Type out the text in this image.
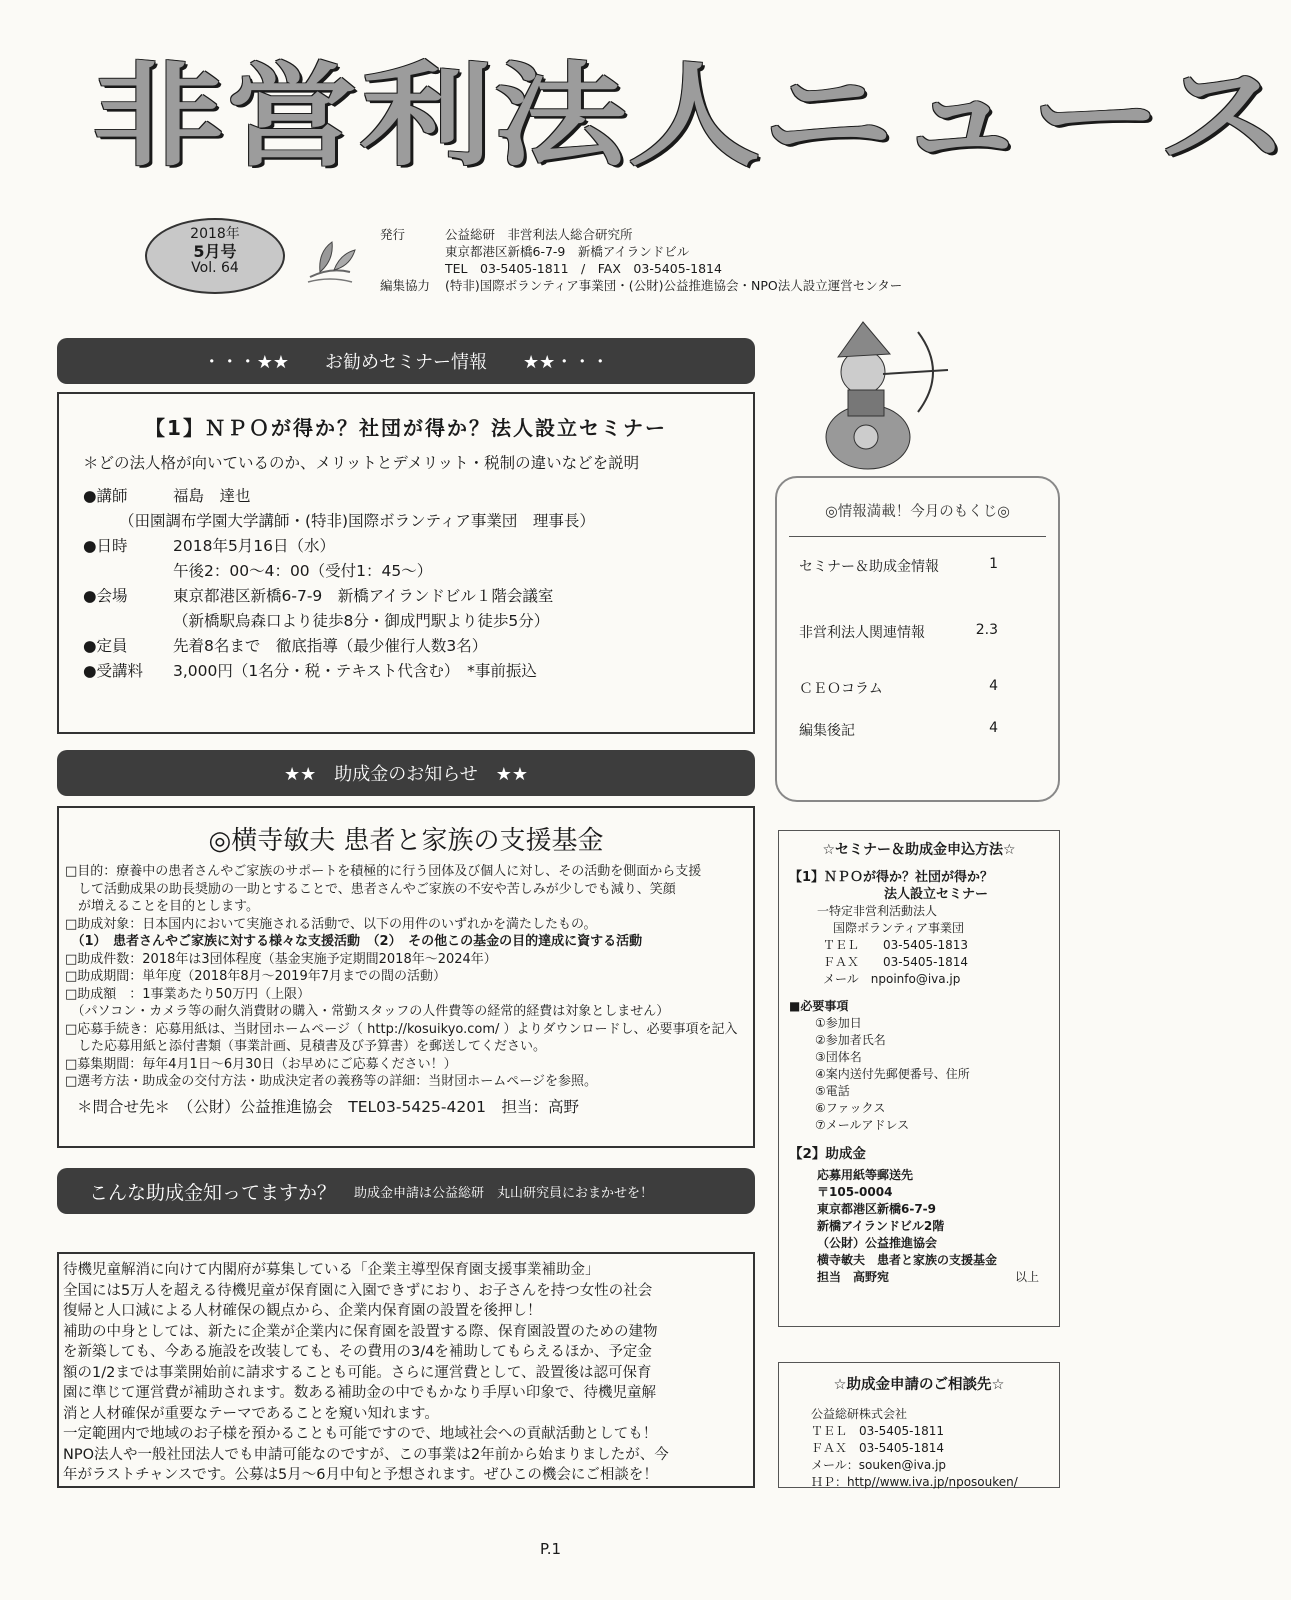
非営利法人ニュース
2018年
5月号
Vol. 64
発行	公益総研　非営利法人総合研究所
東京都港区新橋6-7-9　新橋アイランドビル
TEL　03-5405-1811　/　FAX　03-5405-1814
編集協力	(特非)国際ボランティア事業団・(公財)公益推進協会・NPO法人設立運営センター
・・・★★　　お勧めセミナー情報　　★★・・・
【1】ＮＰＯが得か？社団が得か？法人設立セミナー
＊どの法人格が向いているのか、メリットとデメリット・税制の違いなどを説明
●講師	福島　達也
（田園調布学園大学講師・(特非)国際ボランティア事業団　理事長）
●日時	2018年5月16日（水）
午後2：00～4：00（受付1：45～）
●会場	東京都港区新橋6-7-9　新橋アイランドビル１階会議室
（新橋駅烏森口より徒歩8分・御成門駅より徒歩5分）
●定員	先着8名まで　徹底指導（最少催行人数3名）
●受講料	3,000円（1名分・税・テキスト代含む）　*事前振込
◎情報満載！今月のもくじ◎
セミナー＆助成金情報	1
非営利法人関連情報	2.3
ＣＥＯコラム	4
編集後記	4
★★　助成金のお知らせ　★★
◎横寺敏夫 患者と家族の支援基金
□目的：療養中の患者さんやご家族のサポートを積極的に行う団体及び個人に対し、その活動を側面から支援
　して活動成果の助長奨励の一助とすることで、患者さんやご家族の不安や苦しみが少しでも減り、笑顔
　が増えることを目的とします。
□助成対象：日本国内において実施される活動で、以下の用件のいずれかを満たしたもの。
　（1）　患者さんやご家族に対する様々な支援活動　（2）　その他この基金の目的達成に資する活動
□助成件数：2018年は3団体程度（基金実施予定期間2018年～2024年）
□助成期間：単年度（2018年8月～2019年7月までの間の活動）
□助成額　：1事業あたり50万円（上限）
　（パソコン・カメラ等の耐久消費財の購入・常勤スタッフの人件費等の経常的経費は対象としません）
□応募手続き：応募用紙は、当財団ホームページ（ http://kosuikyo.com/ ）よりダウンロードし、必要事項を記入
　した応募用紙と添付書類（事業計画、見積書及び予算書）を郵送してください。
□募集期間：毎年4月1日～6月30日（お早めにご応募ください！）
□選考方法・助成金の交付方法・助成決定者の義務等の詳細：当財団ホームページを参照。
＊問合せ先＊　（公財）公益推進協会　TEL03-5425-4201　担当：高野
こんな助成金知ってますか？ 助成金申請は公益総研　丸山研究員におまかせを！
待機児童解消に向けて内閣府が募集している「企業主導型保育園支援事業補助金」
全国には5万人を超える待機児童が保育園に入園できずにおり、お子さんを持つ女性の社会
復帰と人口減による人材確保の観点から、企業内保育園の設置を後押し！
補助の中身としては、新たに企業が企業内に保育園を設置する際、保育園設置のための建物
を新築しても、今ある施設を改装しても、その費用の3/4を補助してもらえるほか、予定金
額の1/2までは事業開始前に請求することも可能。さらに運営費として、設置後は認可保育
園に準じて運営費が補助されます。数ある補助金の中でもかなり手厚い印象で、待機児童解
消と人材確保が重要なテーマであることを窺い知れます。
一定範囲内で地域のお子様を預かることも可能ですので、地域社会への貢献活動としても！
NPO法人や一般社団法人でも申請可能なのですが、この事業は2年前から始まりましたが、今
年がラストチャンスです。公募は5月～6月中旬と予想されます。ぜひこの機会にご相談を！
☆セミナー＆助成金申込方法☆
【1】ＮＰＯが得か？社団が得か？
法人設立セミナー
一特定非営利活動法人
国際ボランティア事業団
ＴＥＬ　　03-5405-1813
ＦＡＸ　　03-5405-1814
メール　npoinfo@iva.jp
■必要事項
①参加日
②参加者氏名
③団体名
④案内送付先郵便番号、住所
⑤電話
⑥ファックス
⑦メールアドレス
【2】助成金
応募用紙等郵送先
〒105-0004
東京都港区新橋6-7-9
新橋アイランドビル2階
（公財）公益推進協会
横寺敏夫　患者と家族の支援基金
担当　高野宛	以上
☆助成金申請のご相談先☆
公益総研株式会社
ＴＥＬ　03-5405-1811
ＦＡＸ　03-5405-1814
メール：souken@iva.jp
ＨＰ：http//www.iva.jp/nposouken/
P.1
